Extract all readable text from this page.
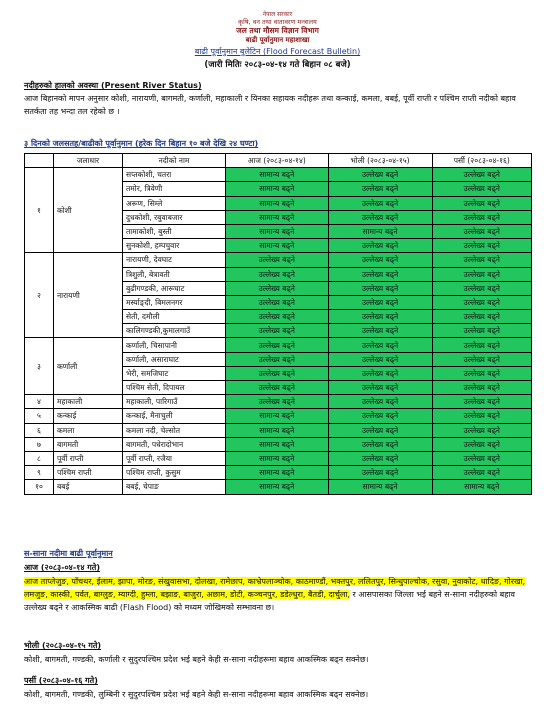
नेपाल सरकार
कृषि, वन तथा वातावरण मन्त्रालय
जल तथा मौसम विज्ञान विभाग
बाढी पूर्वानुमान महाशाखा
बाढी पूर्वानुमान बुलेटिन (Flood Forecast Bulletin)
(जारी मितिः २०८३-०४-१४ गते बिहान ०८ बजे)
नदीहरुको हालको अवस्था (Present River Status)
आज बिहानको मापन अनुसार कोशी, नारायणी, बागमती, कर्णाली, महाकाली र यिनका सहायक नदीहरू तथा कन्काई, कमला, बबई, पूर्वी राप्ती र पश्चिम राप्ती नदीको बहाव सतर्कता तह भन्दा तल रहेको छ ।
३ दिनको जलसतह/बाढीको पूर्वानुमान (हरेक दिन बिहान १० बजे देखि २४ घण्टा)
	जलाधार	नदीको नाम	आज (२०८३-०४-१४)	भोली (२०८३-०४-१५)	पर्सी (२०८३-०४-१६)
१	कोशी	सप्तकोशी, चतरा	सामान्य बढ्ने	उल्लेख्य बढ्ने	उल्लेख्य बढ्ने
		तमोर, त्रिवेणी	सामान्य बढ्ने	उल्लेख्य बढ्ने	उल्लेख्य बढ्ने
		अरूण, सिम्ले	सामान्य बढ्ने	उल्लेख्य बढ्ने	उल्लेख्य बढ्ने
		दुधकोशी, रबुवाबजार	सामान्य बढ्ने	उल्लेख्य बढ्ने	उल्लेख्य बढ्ने
		तामाकोशी, बुस्ती	सामान्य बढ्ने	सामान्य बढ्ने	उल्लेख्य बढ्ने
		सुनकोशी, हम्पचुवार	सामान्य बढ्ने	उल्लेख्य बढ्ने	उल्लेख्य बढ्ने
२	नारायणी	नारायणी, देवघाट	उल्लेख्य बढ्ने	उल्लेख्य बढ्ने	उल्लेख्य बढ्ने
		त्रिशुली, बेत्रावती	उल्लेख्य बढ्ने	उल्लेख्य बढ्ने	उल्लेख्य बढ्ने
		बुढीगण्डकी, आरूघाट	उल्लेख्य बढ्ने	उल्लेख्य बढ्ने	उल्लेख्य बढ्ने
		मर्स्याङ्दी, बिमलनगर	उल्लेख्य बढ्ने	उल्लेख्य बढ्ने	उल्लेख्य बढ्ने
		सेती, दमौली	उल्लेख्य बढ्ने	उल्लेख्य बढ्ने	उल्लेख्य बढ्ने
		कालिगण्डकी,कुमालगाउँ	उल्लेख्य बढ्ने	उल्लेख्य बढ्ने	उल्लेख्य बढ्ने
३	कर्णाली	कर्णाली, चिसापानी	उल्लेख्य बढ्ने	उल्लेख्य बढ्ने	उल्लेख्य बढ्ने
		कर्णाली, असाराघाट	उल्लेख्य बढ्ने	उल्लेख्य बढ्ने	उल्लेख्य बढ्ने
		भेरी, समजिघाट	उल्लेख्य बढ्ने	उल्लेख्य बढ्ने	उल्लेख्य बढ्ने
		पश्चिम सेती, दिपायल	उल्लेख्य बढ्ने	उल्लेख्य बढ्ने	उल्लेख्य बढ्ने
४	महाकाली	महाकाली, पारिगाउँ	उल्लेख्य बढ्ने	उल्लेख्य बढ्ने	उल्लेख्य बढ्ने
५	कन्काई	कन्काई, मैनाचुली	सामान्य बढ्ने	उल्लेख्य बढ्ने	उल्लेख्य बढ्ने
६	कमला	कमला नदी, चेल्सोत	सामान्य बढ्ने	उल्लेख्य बढ्ने	उल्लेख्य बढ्ने
७	बागमती	बागमती, पधेरादोभान	सामान्य बढ्ने	उल्लेख्य बढ्ने	उल्लेख्य बढ्ने
८	पूर्वी राप्ती	पूर्वी राप्ती, रजैया	सामान्य बढ्ने	उल्लेख्य बढ्ने	उल्लेख्य बढ्ने
९	पश्चिम राप्ती	पश्चिम राप्ती, कुसुम	सामान्य बढ्ने	उल्लेख्य बढ्ने	उल्लेख्य बढ्ने
१०	बबई	बबई, चेपाङ	सामान्य बढ्ने	सामान्य बढ्ने	सामान्य बढ्ने
स-साना नदीमा बाढी पूर्वानुमान
आज (२०८३-०४-१४ गते)
आज ताप्लेजुङ, पाँचथर, ईलाम, झापा, मोरङ, संखुवासभा, दोलखा, रामेछाप, काभ्रेपलाञ्चोक, काठमाण्डौं, भक्तपुर, ललितपुर, सिन्धुपाल्चोक, रसुवा, नुवाकोट, धादिङ, गोरखा, लमजुङ, कास्की, पर्वत, बाग्लुङ, म्याग्दी, हुम्ला, बझाङ, बाजुरा, अछाम, डोटी, कञ्चनपुर, डडेल्धुरा, बैतडी, दार्चुला, र आसपासका जिल्ला भई बहने स-साना नदीहरुको बहाव उल्लेख्य बढ्ने र आकस्मिक बाढी (Flash Flood) को मध्यम जोखिमको सम्भावना छ।
भोली (२०८३-०४-१५ गते)
कोशी, बागमती, गण्डकी, कर्णाली र सुदुरपश्चिम प्रदेश भई बहने केही स-साना नदीहरूमा बहाव आकस्मिक बढ्न सक्नेछ।
पर्सी (२०८३-०४-१६ गते)
कोशी, बागमती, गण्डकी, लुम्बिनी र सुदुरपश्चिम प्रदेश भई बहने केही स-साना नदीहरूमा बहाव आकस्मिक बढ्न सक्नेछ।
